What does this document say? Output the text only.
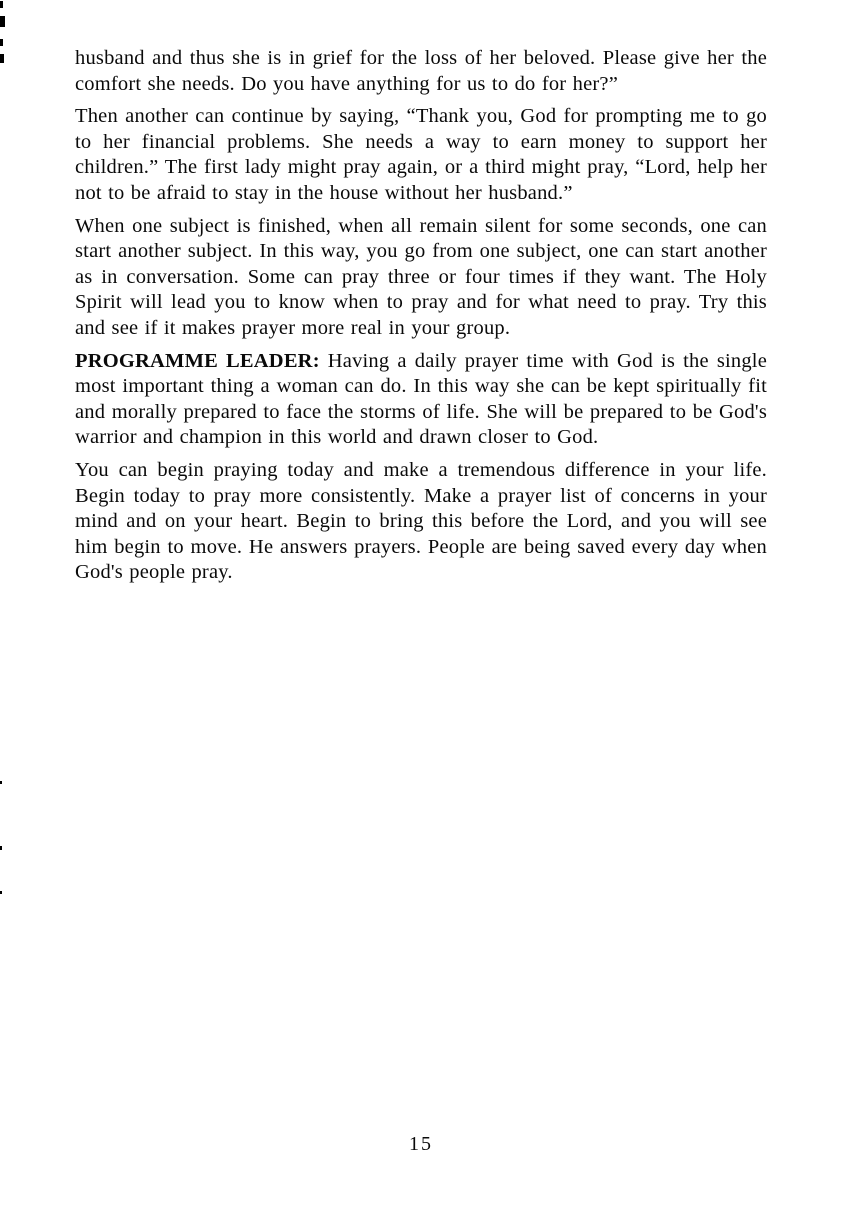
husband and thus she is in grief for the loss of her beloved. Please give her the comfort she needs. Do you have anything for us to do for her?”

Then another can continue by saying, “Thank you, God for prompting me to go to her financial problems. She needs a way to earn money to support her children.” The first lady might pray again, or a third might pray, “Lord, help her not to be afraid to stay in the house without her husband.”

When one subject is finished, when all remain silent for some seconds, one can start another subject. In this way, you go from one subject, one can start another as in conversation. Some can pray three or four times if they want. The Holy Spirit will lead you to know when to pray and for what need to pray. Try this and see if it makes prayer more real in your group.

PROGRAMME LEADER: Having a daily prayer time with God is the single most important thing a woman can do. In this way she can be kept spiritually fit and morally prepared to face the storms of life. She will be prepared to be God's warrior and champion in this world and drawn closer to God.

You can begin praying today and make a tremendous difference in your life. Begin today to pray more consistently. Make a prayer list of concerns in your mind and on your heart. Begin to bring this before the Lord, and you will see him begin to move. He answers prayers. People are being saved every day when God's people pray.

15
